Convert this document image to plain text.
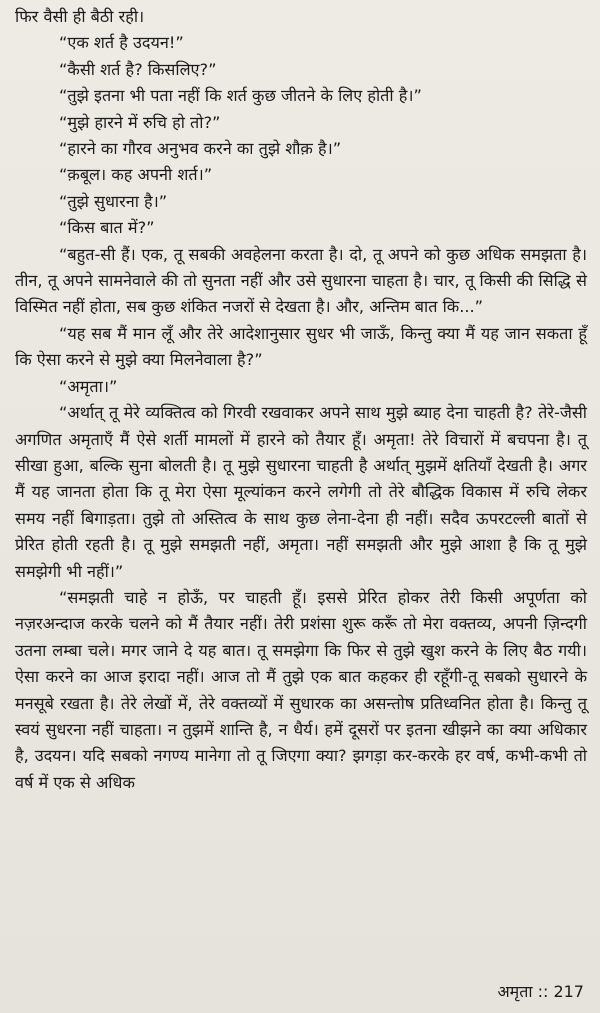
फिर वैसी ही बैठी रही।

“एक शर्त है उदयन!”

“कैसी शर्त है? किसलिए?”

“तुझे इतना भी पता नहीं कि शर्त कुछ जीतने के लिए होती है।”

“मुझे हारने में रुचि हो तो?”

“हारने का गौरव अनुभव करने का तुझे शौक़ है।”

“क़बूल। कह अपनी शर्त।”

“तुझे सुधारना है।”

“किस बात में?”

“बहुत-सी हैं। एक, तू सबकी अवहेलना करता है। दो, तू अपने को कुछ अधिक समझता है। तीन, तू अपने सामनेवाले की तो सुनता नहीं और उसे सुधारना चाहता है। चार, तू किसी की सिद्धि से विस्मित नहीं होता, सब कुछ शंकित नजरों से देखता है। और, अन्तिम बात कि...”

“यह सब मैं मान लूँ और तेरे आदेशानुसार सुधर भी जाऊँ, किन्तु क्या मैं यह जान सकता हूँ कि ऐसा करने से मुझे क्या मिलनेवाला है?”

“अमृता।”

“अर्थात् तू मेरे व्यक्तित्व को गिरवी रखवाकर अपने साथ मुझे ब्याह देना चाहती है? तेरे-जैसी अगणित अमृताएँ मैं ऐसे शर्ती मामलों में हारने को तैयार हूँ। अमृता! तेरे विचारों में बचपना है। तू सीखा हुआ, बल्कि सुना बोलती है। तू मुझे सुधारना चाहती है अर्थात् मुझमें क्षतियाँ देखती है। अगर मैं यह जानता होता कि तू मेरा ऐसा मूल्यांकन करने लगेगी तो तेरे बौद्धिक विकास में रुचि लेकर समय नहीं बिगाड़ता। तुझे तो अस्तित्व के साथ कुछ लेना-देना ही नहीं। सदैव ऊपरटल्ली बातों से प्रेरित होती रहती है। तू मुझे समझती नहीं, अमृता। नहीं समझती और मुझे आशा है कि तू मुझे समझेगी भी नहीं।”

“समझती चाहे न होऊँ, पर चाहती हूँ। इससे प्रेरित होकर तेरी किसी अपूर्णता को नज़रअन्दाज करके चलने को मैं तैयार नहीं। तेरी प्रशंसा शुरू करूँ तो मेरा वक्तव्य, अपनी ज़िन्दगी उतना लम्बा चले। मगर जाने दे यह बात। तू समझेगा कि फिर से तुझे खुश करने के लिए बैठ गयी। ऐसा करने का आज इरादा नहीं। आज तो मैं तुझे एक बात कहकर ही रहूँगी-तू सबको सुधारने के मनसूबे रखता है। तेरे लेखों में, तेरे वक्तव्यों में सुधारक का असन्तोष प्रतिध्वनित होता है। किन्तु तू स्वयं सुधरना नहीं चाहता। न तुझमें शान्ति है, न धैर्य। हमें दूसरों पर इतना खीझने का क्या अधिकार है, उदयन। यदि सबको नगण्य मानेगा तो तू जिएगा क्या? झगड़ा कर-करके हर वर्ष, कभी-कभी तो वर्ष में एक से अधिक

अमृता :: 217
